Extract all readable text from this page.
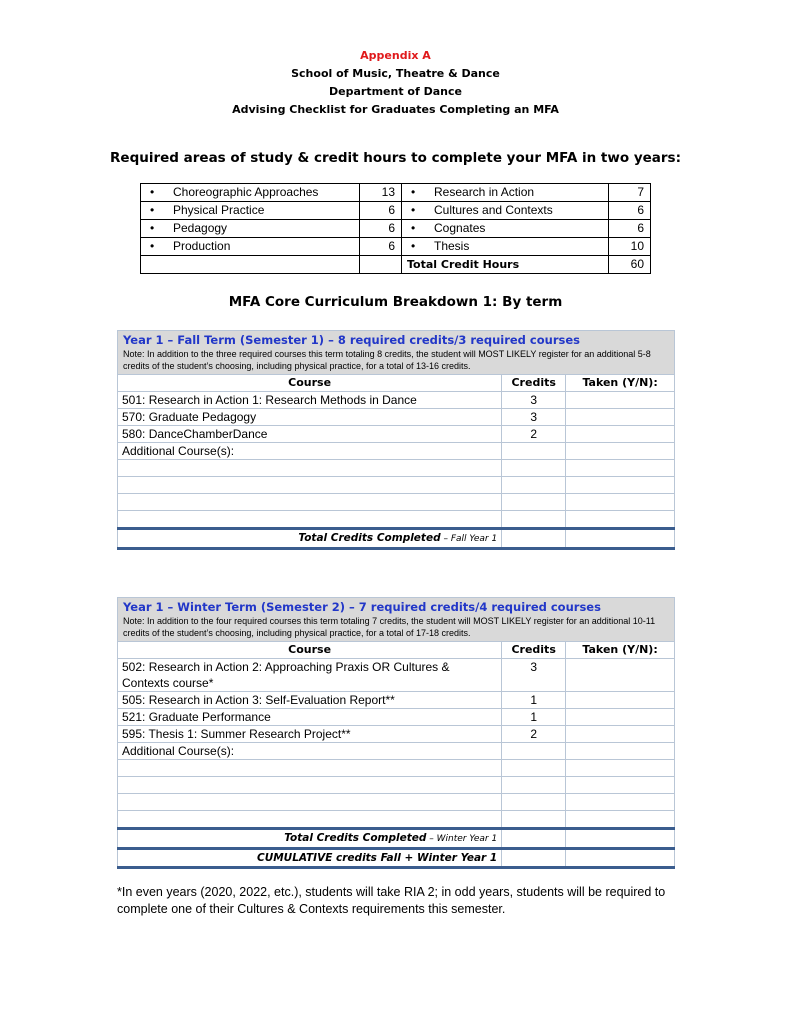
Appendix A
School of Music, Theatre & Dance
Department of Dance
Advising Checklist for Graduates Completing an MFA
Required areas of study & credit hours to complete your MFA in two years:
• Choreographic Approaches	13	• Research in Action	7
• Physical Practice	6	• Cultures and Contexts	6
• Pedagogy	6	• Cognates	6
• Production	6	• Thesis	10
		Total Credit Hours	60
MFA Core Curriculum Breakdown 1: By term
Year 1 – Fall Term (Semester 1) – 8 required credits/3 required courses
Note: In addition to the three required courses this term totaling 8 credits, the student will MOST LIKELY register for an additional 5-8 credits of the student’s choosing, including physical practice, for a total of 13-16 credits.		

Course	Credits	Taken (Y/N):
501: Research in Action 1: Research Methods in Dance	3	
570: Graduate Pedagogy	3	
580: DanceChamberDance	2	
Additional Course(s):		

Total Credits Completed – Fall Year 1		
Year 1 – Winter Term (Semester 2) – 7 required credits/4 required courses
Note: In addition to the four required courses this term totaling 7 credits, the student will MOST LIKELY register for an additional 10-11 credits of the student’s choosing, including physical practice, for a total of 17-18 credits.		

Course	Credits	Taken (Y/N):
502: Research in Action 2: Approaching Praxis OR Cultures & Contexts course*	3	
505: Research in Action 3: Self-Evaluation Report**	1	
521: Graduate Performance	1	
595: Thesis 1: Summer Research Project**	2	
Additional Course(s):		

Total Credits Completed – Winter Year 1		
CUMULATIVE credits Fall + Winter Year 1		
*In even years (2020, 2022, etc.), students will take RIA 2; in odd years, students will be required to complete one of their Cultures & Contexts requirements this semester.
